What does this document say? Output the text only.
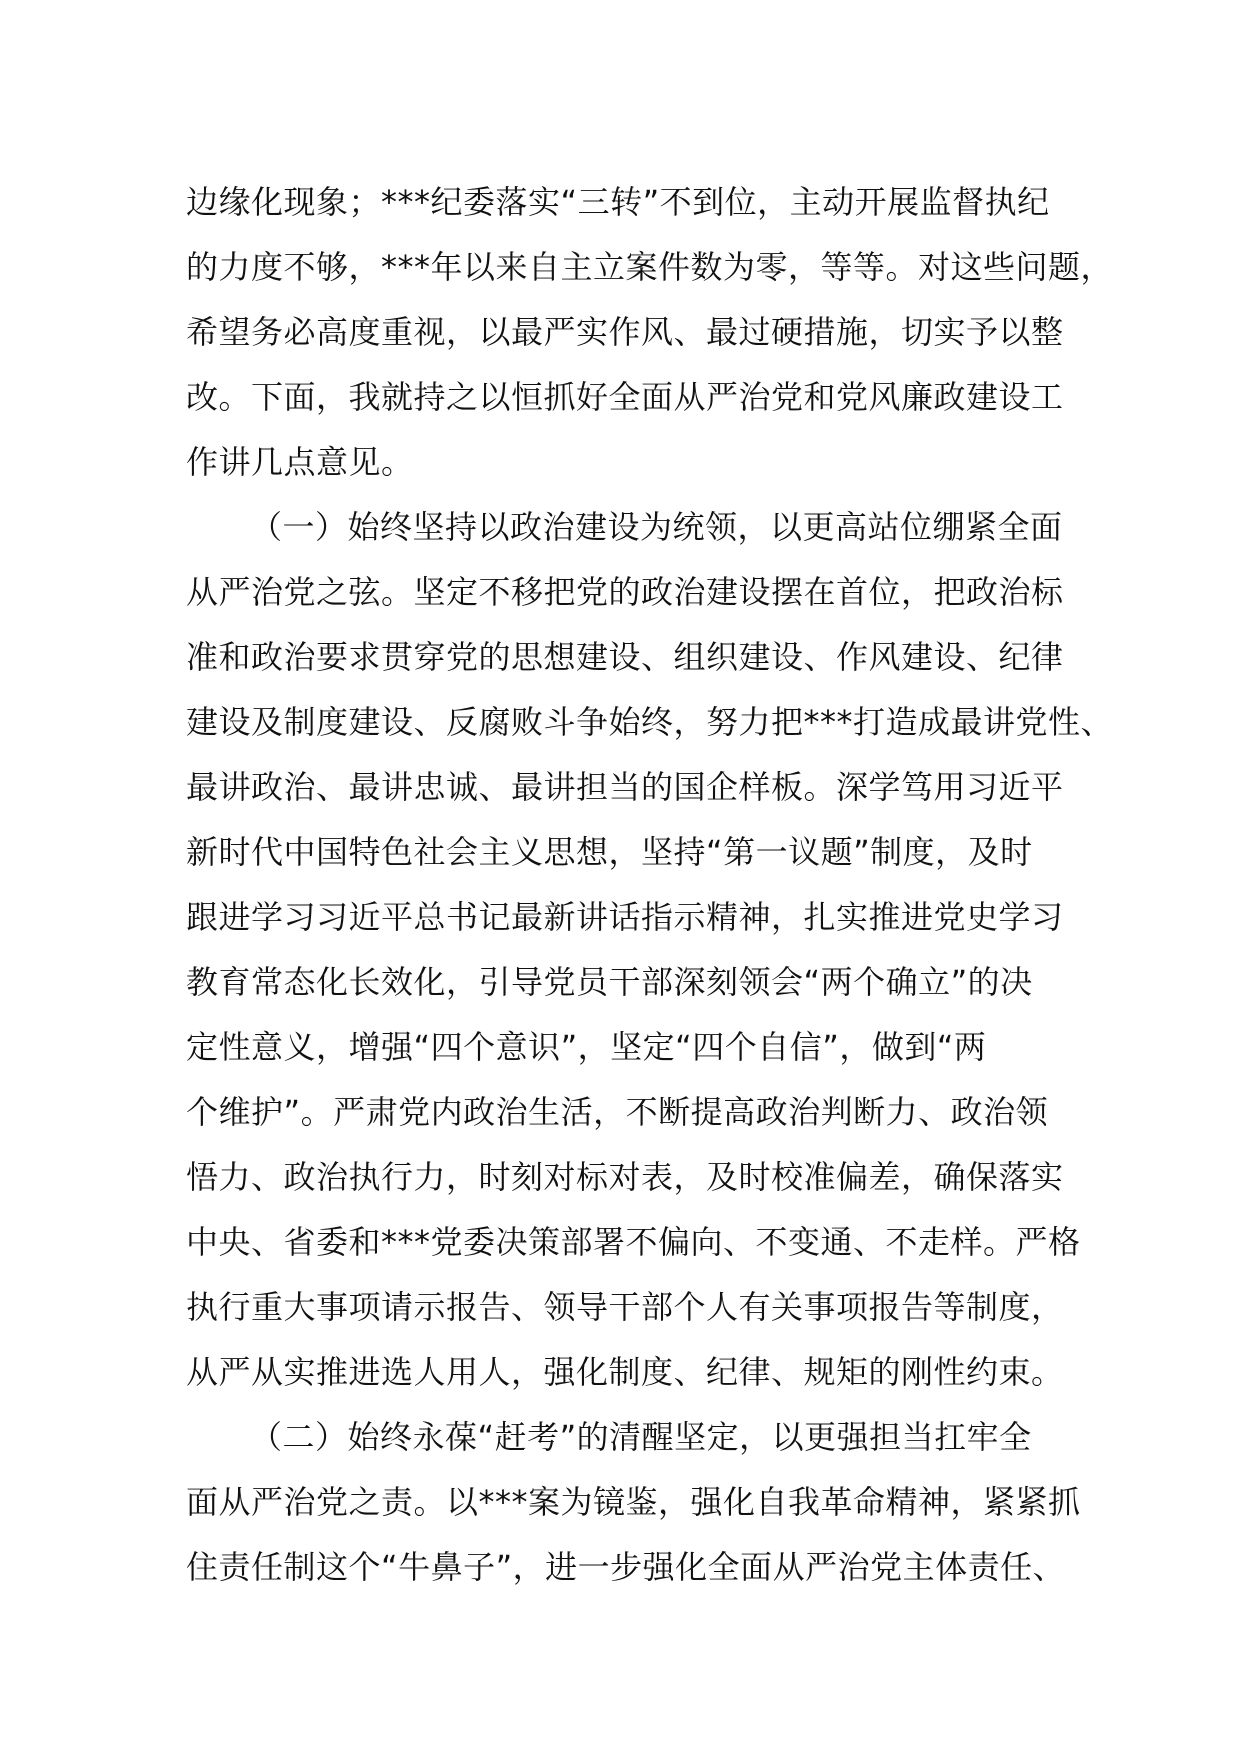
边缘化现象；***纪委落实“三转”不到位，主动开展监督执纪
的力度不够，***年以来自主立案件数为零，等等。对这些问题，
希望务必高度重视，以最严实作风、最过硬措施，切实予以整
改。下面，我就持之以恒抓好全面从严治党和党风廉政建设工
作讲几点意见。
（一）始终坚持以政治建设为统领，以更高站位绷紧全面
从严治党之弦。坚定不移把党的政治建设摆在首位，把政治标
准和政治要求贯穿党的思想建设、组织建设、作风建设、纪律
建设及制度建设、反腐败斗争始终，努力把***打造成最讲党性、
最讲政治、最讲忠诚、最讲担当的国企样板。深学笃用习近平
新时代中国特色社会主义思想，坚持“第一议题”制度，及时
跟进学习习近平总书记最新讲话指示精神，扎实推进党史学习
教育常态化长效化，引导党员干部深刻领会“两个确立”的决
定性意义，增强“四个意识”，坚定“四个自信”，做到“两
个维护”。严肃党内政治生活，不断提高政治判断力、政治领
悟力、政治执行力，时刻对标对表，及时校准偏差，确保落实
中央、省委和***党委决策部署不偏向、不变通、不走样。严格
执行重大事项请示报告、领导干部个人有关事项报告等制度，
从严从实推进选人用人，强化制度、纪律、规矩的刚性约束。
（二）始终永葆“赶考”的清醒坚定，以更强担当扛牢全
面从严治党之责。以***案为镜鉴，强化自我革命精神，紧紧抓
住责任制这个“牛鼻子”，进一步强化全面从严治党主体责任、
